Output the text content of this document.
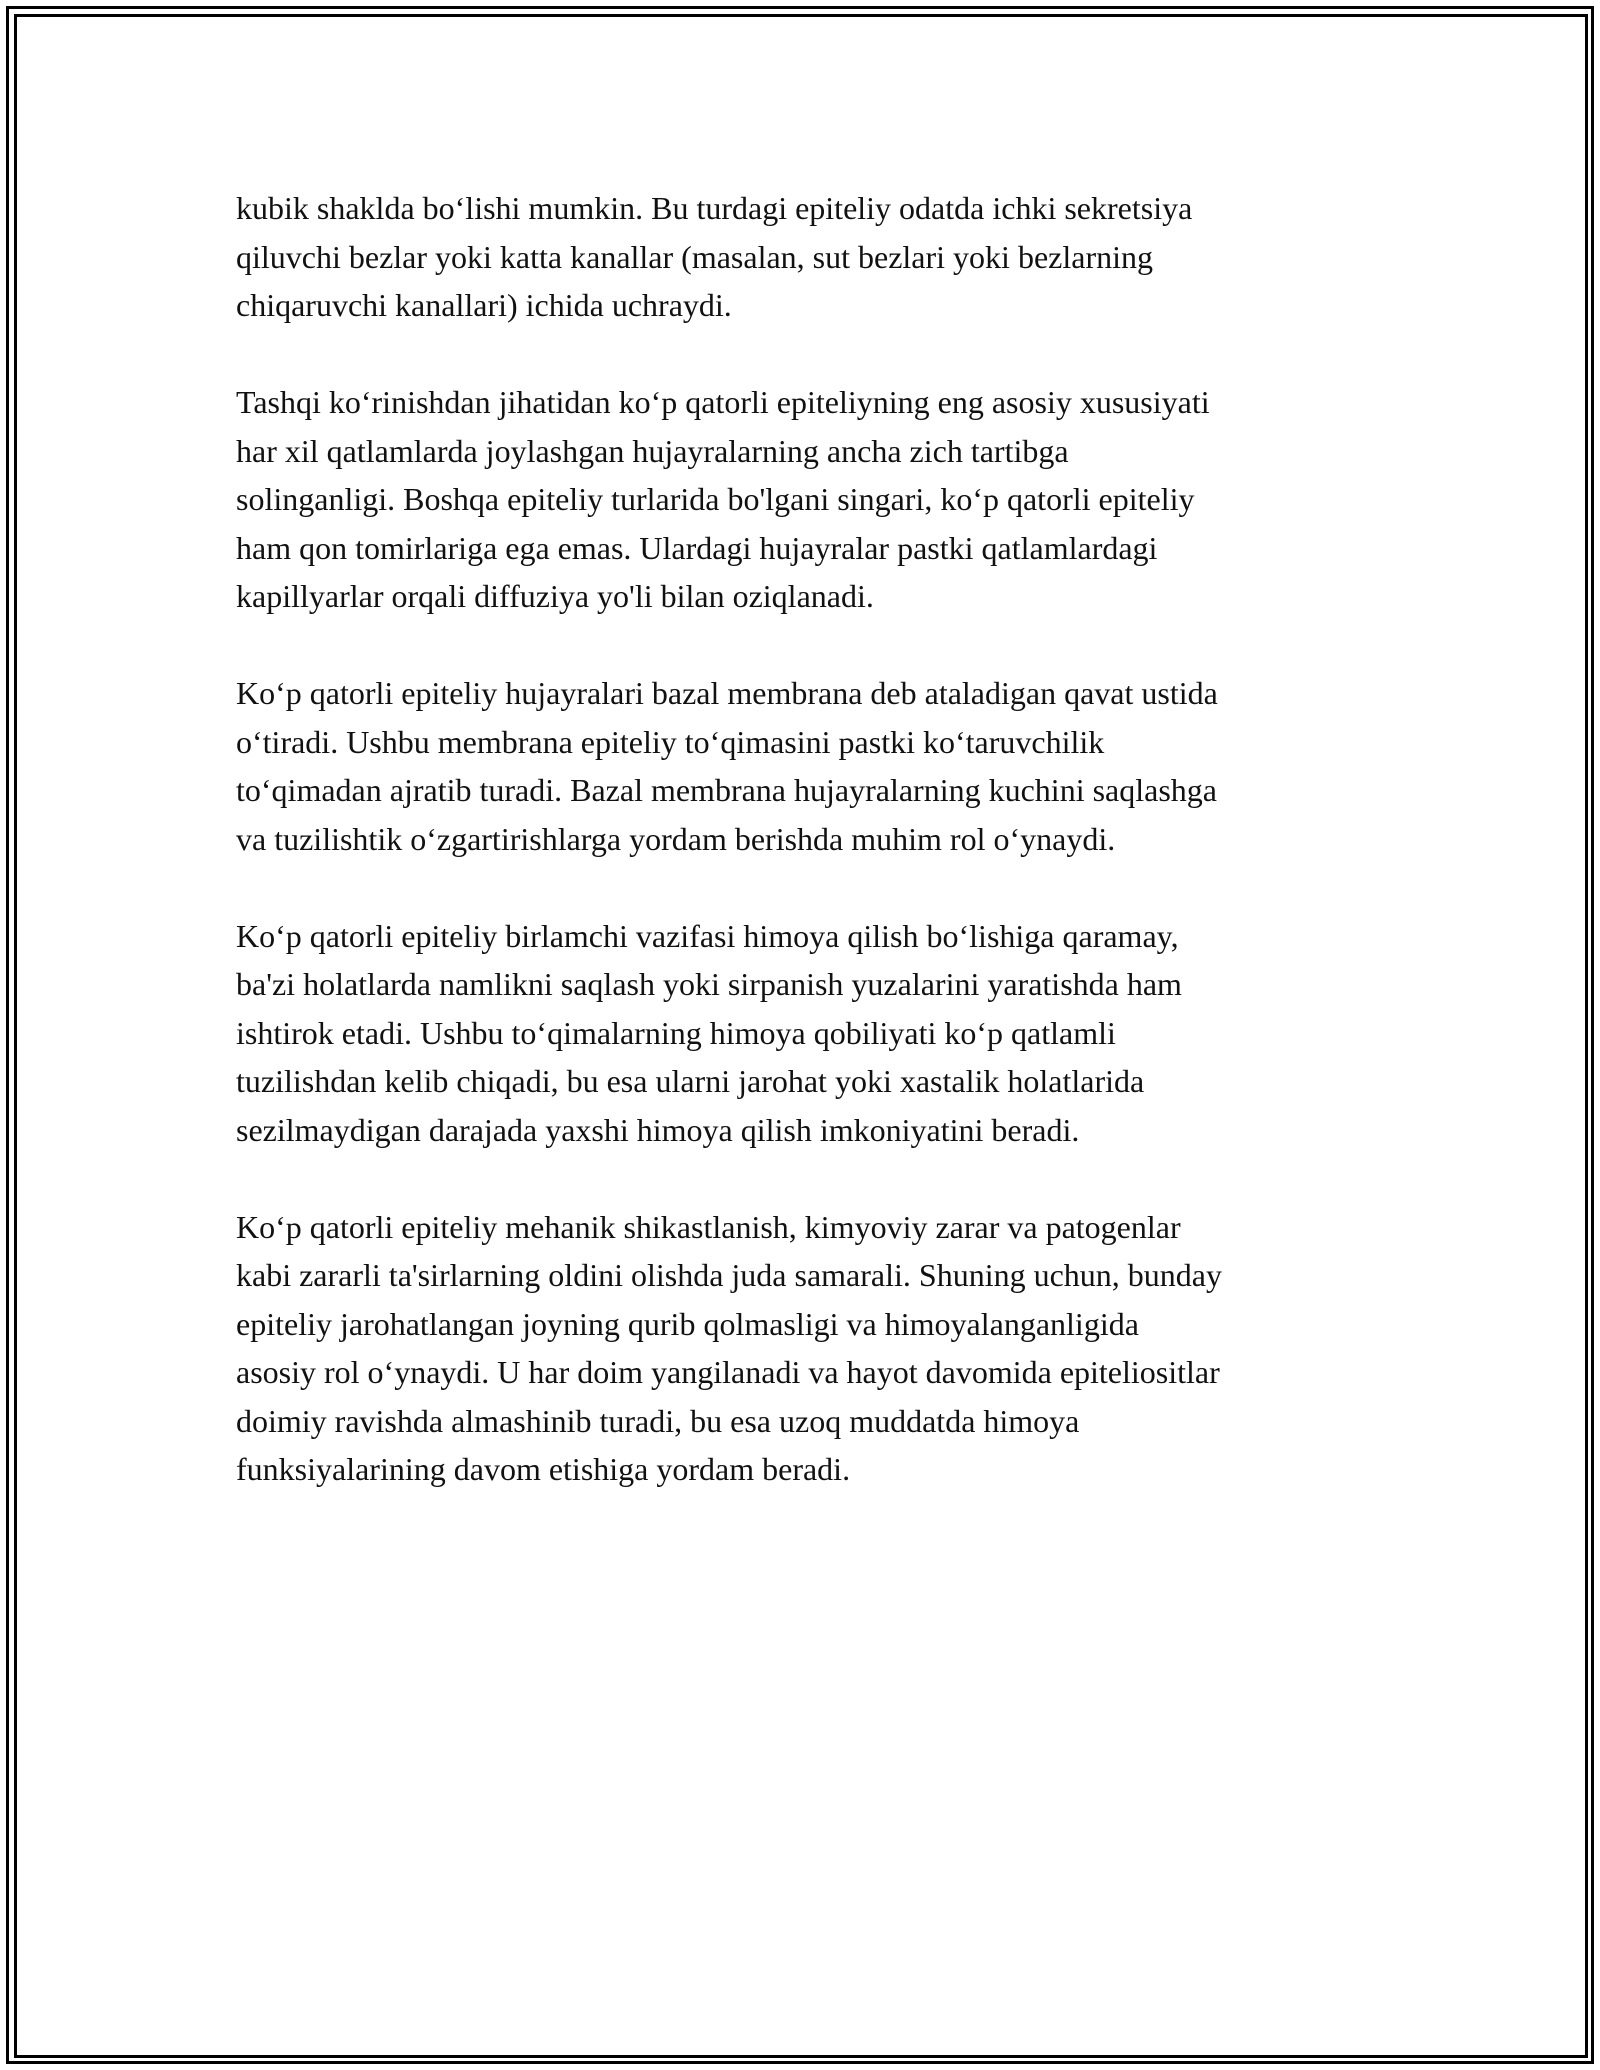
kubik shaklda bo‘lishi mumkin. Bu turdagi epiteliy odatda ichki sekretsiya
qiluvchi bezlar yoki katta kanallar (masalan, sut bezlari yoki bezlarning
chiqaruvchi kanallari) ichida uchraydi.

Tashqi ko‘rinishdan jihatidan ko‘p qatorli epiteliyning eng asosiy xususiyati
har xil qatlamlarda joylashgan hujayralarning ancha zich tartibga
solinganligi. Boshqa epiteliy turlarida bo'lgani singari, ko‘p qatorli epiteliy
ham qon tomirlariga ega emas. Ulardagi hujayralar pastki qatlamlardagi
kapillyarlar orqali diffuziya yo'li bilan oziqlanadi.

Ko‘p qatorli epiteliy hujayralari bazal membrana deb ataladigan qavat ustida
o‘tiradi. Ushbu membrana epiteliy to‘qimasini pastki ko‘taruvchilik
to‘qimadan ajratib turadi. Bazal membrana hujayralarning kuchini saqlashga
va tuzilishtik o‘zgartirishlarga yordam berishda muhim rol o‘ynaydi.

Ko‘p qatorli epiteliy birlamchi vazifasi himoya qilish bo‘lishiga qaramay,
ba'zi holatlarda namlikni saqlash yoki sirpanish yuzalarini yaratishda ham
ishtirok etadi. Ushbu to‘qimalarning himoya qobiliyati ko‘p qatlamli
tuzilishdan kelib chiqadi, bu esa ularni jarohat yoki xastalik holatlarida
sezilmaydigan darajada yaxshi himoya qilish imkoniyatini beradi.

Ko‘p qatorli epiteliy mehanik shikastlanish, kimyoviy zarar va patogenlar
kabi zararli ta'sirlarning oldini olishda juda samarali. Shuning uchun, bunday
epiteliy jarohatlangan joyning qurib qolmasligi va himoyalanganligida
asosiy rol o‘ynaydi. U har doim yangilanadi va hayot davomida epiteliositlar
doimiy ravishda almashinib turadi, bu esa uzoq muddatda himoya
funksiyalarining davom etishiga yordam beradi.
